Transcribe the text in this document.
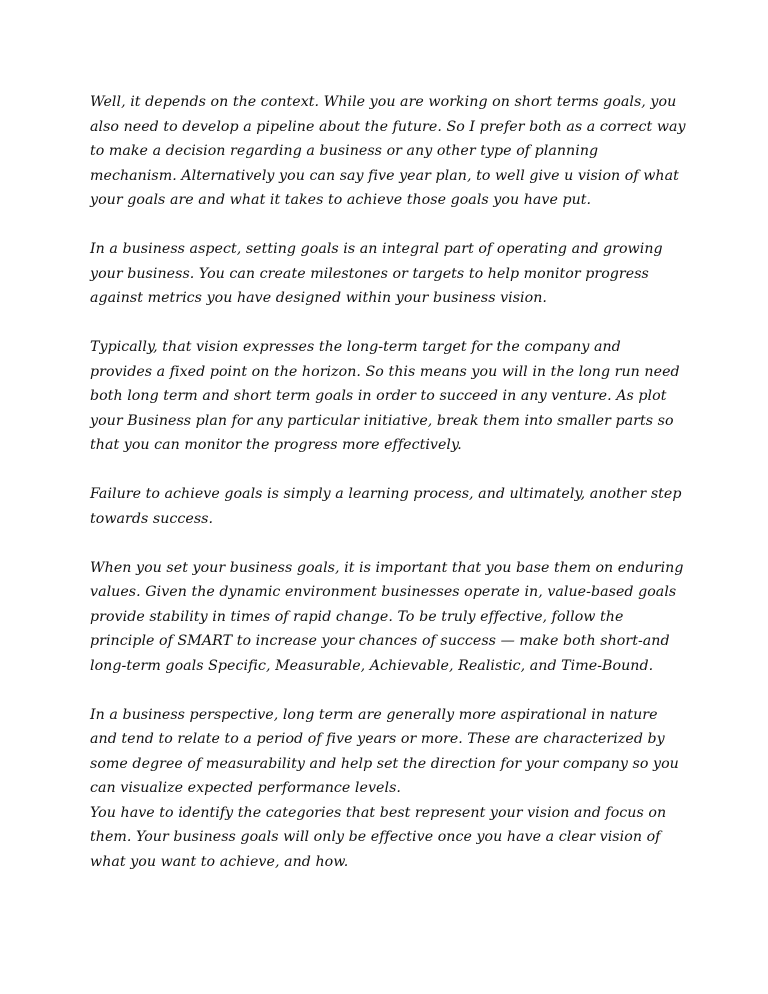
Well, it depends on the context. While you are working on short terms goals, you also need to develop a pipeline about the future. So I prefer both as a correct way to make a decision regarding a business or any other type of planning mechanism. Alternatively you can say five year plan, to well give u vision of what your goals are and what it takes to achieve those goals you have put.

In a business aspect, setting goals is an integral part of operating and growing your business. You can create milestones or targets to help monitor progress against metrics you have designed within your business vision.

Typically, that vision expresses the long-term target for the company and provides a fixed point on the horizon. So this means you will in the long run need both long term and short term goals in order to succeed in any venture. As plot your Business plan for any particular initiative, break them into smaller parts so that you can monitor the progress more effectively.

Failure to achieve goals is simply a learning process, and ultimately, another step towards success.

When you set your business goals, it is important that you base them on enduring values. Given the dynamic environment businesses operate in, value-based goals provide stability in times of rapid change. To be truly effective, follow the principle of SMART to increase your chances of success — make both short-and long-term goals Specific, Measurable, Achievable, Realistic, and Time-Bound.

In a business perspective, long term are generally more aspirational in nature and tend to relate to a period of five years or more. These are characterized by some degree of measurability and help set the direction for your company so you can visualize expected performance levels.

You have to identify the categories that best represent your vision and focus on them. Your business goals will only be effective once you have a clear vision of what you want to achieve, and how.
